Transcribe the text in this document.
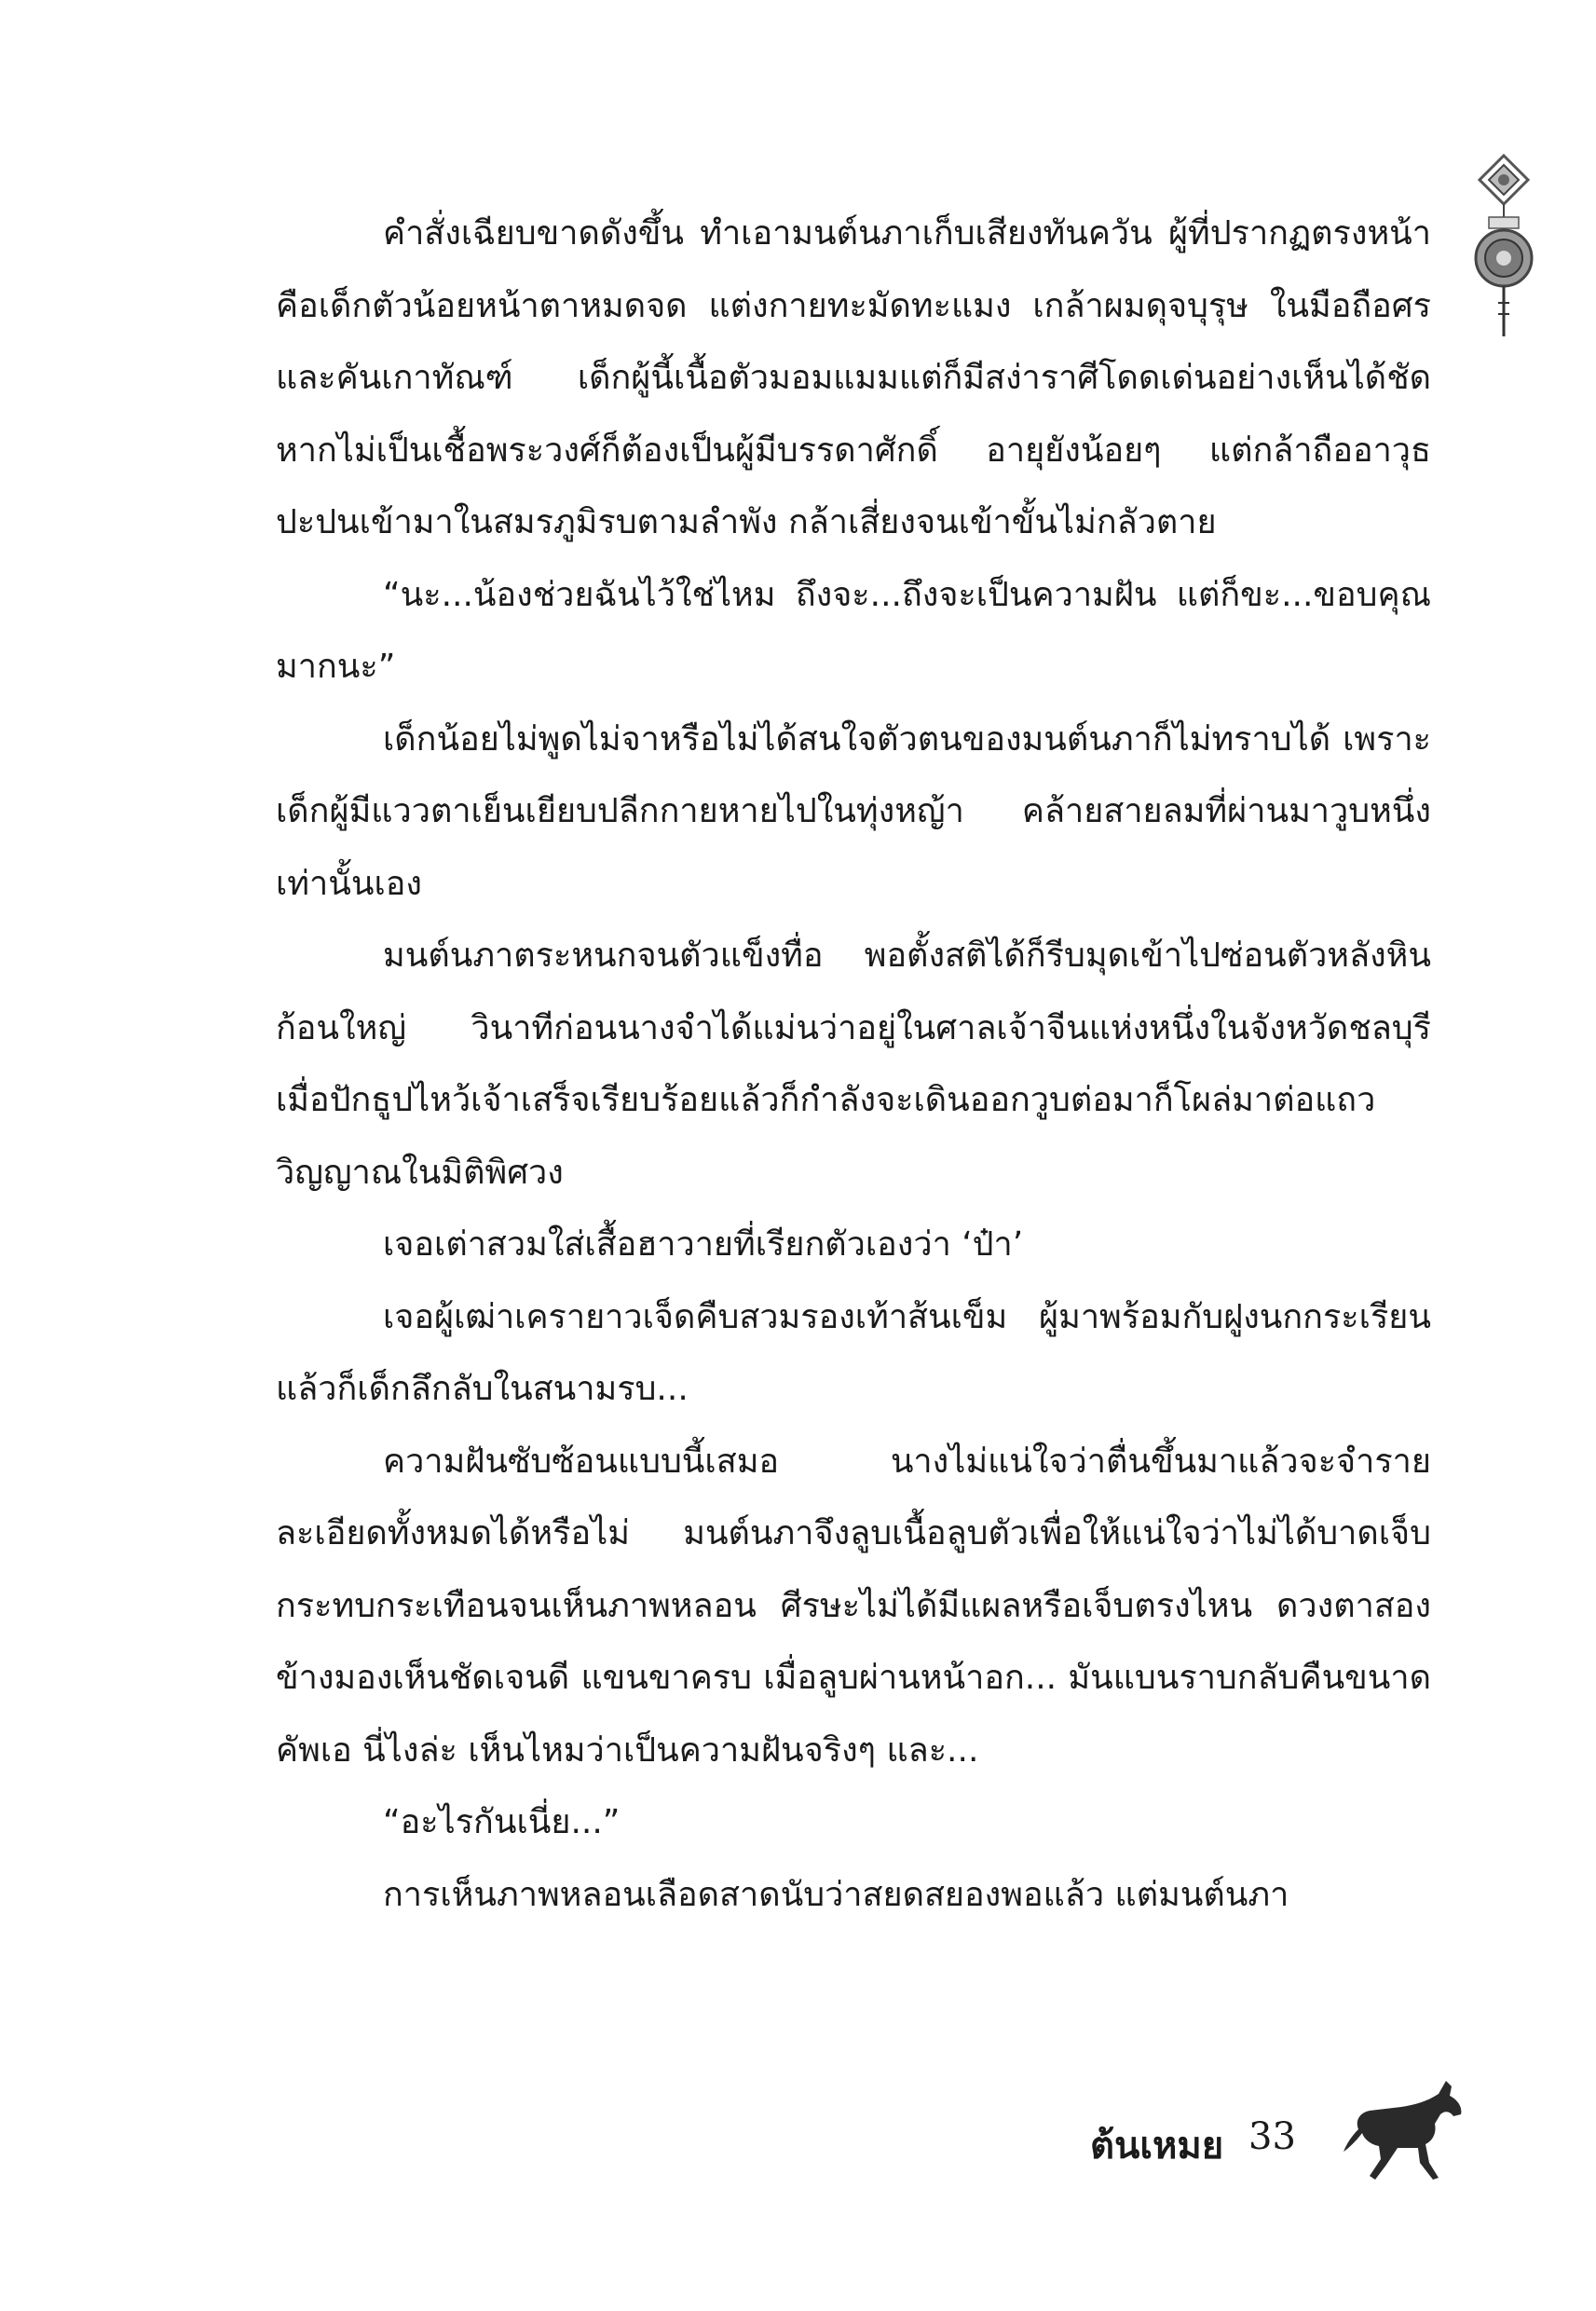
คำสั่งเฉียบขาดดังขึ้น ทำเอามนต์นภาเก็บเสียงทันควัน ผู้ที่ปรากฏตรงหน้าคือเด็กตัวน้อยหน้าตาหมดจด แต่งกายทะมัดทะแมง เกล้าผมดุจบุรุษ ในมือถือศรและคันเกาทัณฑ์ เด็กผู้นี้เนื้อตัวมอมแมมแต่ก็มีสง่าราศีโดดเด่นอย่างเห็นได้ชัด หากไม่เป็นเชื้อพระวงศ์ก็ต้องเป็นผู้มีบรรดาศักดิ์ อายุยังน้อยๆ แต่กล้าถืออาวุธปะปนเข้ามาในสมรภูมิรบตามลำพัง กล้าเสี่ยงจนเข้าขั้นไม่กลัวตาย

“นะ...น้องช่วยฉันไว้ใช่ไหม ถึงจะ...ถึงจะเป็นความฝัน แต่ก็ขะ...ขอบคุณมากนะ”

เด็กน้อยไม่พูดไม่จาหรือไม่ได้สนใจตัวตนของมนต์นภาก็ไม่ทราบได้ เพราะเด็กผู้มีแววตาเย็นเยียบปลีกกายหายไปในทุ่งหญ้า คล้ายสายลมที่ผ่านมาวูบหนึ่งเท่านั้นเอง

มนต์นภาตระหนกจนตัวแข็งทื่อ พอตั้งสติได้ก็รีบมุดเข้าไปซ่อนตัวหลังหินก้อนใหญ่ วินาทีก่อนนางจำได้แม่นว่าอยู่ในศาลเจ้าจีนแห่งหนึ่งในจังหวัดชลบุรี เมื่อปักธูปไหว้เจ้าเสร็จเรียบร้อยแล้วก็กำลังจะเดินออกวูบต่อมาก็โผล่มาต่อแถววิญญาณในมิติพิศวง

เจอเต่าสวมใส่เสื้อฮาวายที่เรียกตัวเองว่า ‘ป๋า’

เจอผู้เฒ่าเครายาวเจ็ดคืบสวมรองเท้าส้นเข็ม ผู้มาพร้อมกับฝูงนกกระเรียน แล้วก็เด็กลึกลับในสนามรบ...

ความฝันซับซ้อนแบบนี้เสมอ นางไม่แน่ใจว่าตื่นขึ้นมาแล้วจะจำรายละเอียดทั้งหมดได้หรือไม่ มนต์นภาจึงลูบเนื้อลูบตัวเพื่อให้แน่ใจว่าไม่ได้บาดเจ็บกระทบกระเทือนจนเห็นภาพหลอน ศีรษะไม่ได้มีแผลหรือเจ็บตรงไหน ดวงตาสองข้างมองเห็นชัดเจนดี แขนขาครบ เมื่อลูบผ่านหน้าอก... มันแบนราบกลับคืนขนาดคัพเอ นี่ไงล่ะ เห็นไหมว่าเป็นความฝันจริงๆ และ...

“อะไรกันเนี่ย...”

การเห็นภาพหลอนเลือดสาดนับว่าสยดสยองพอแล้ว แต่มนต์นภา

ต้นเหมย 33
